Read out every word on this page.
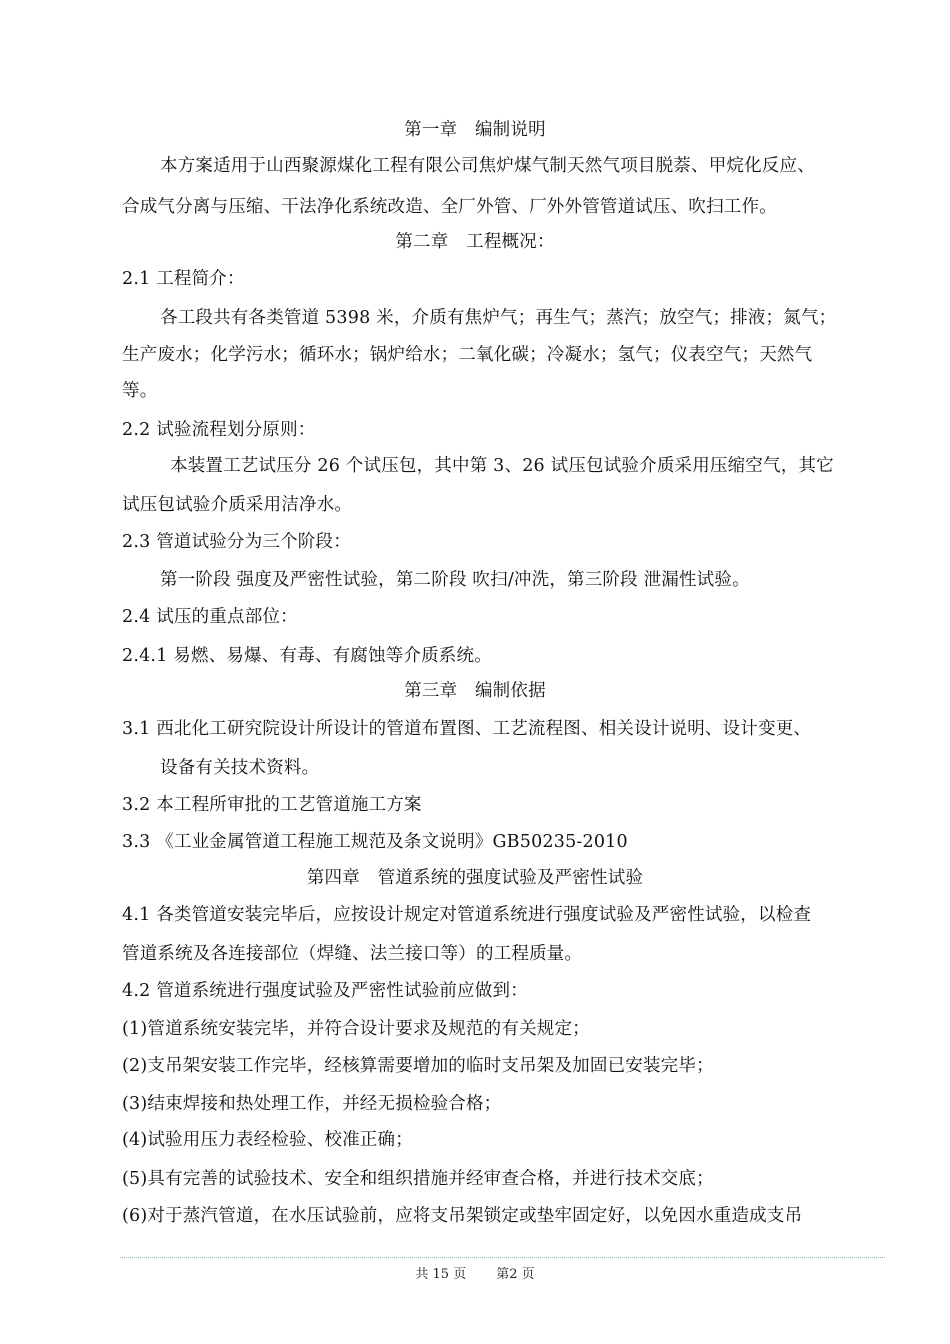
第一章　编制说明
本方案适用于山西聚源煤化工程有限公司焦炉煤气制天然气项目脱萘、甲烷化反应、
合成气分离与压缩、干法净化系统改造、全厂外管、厂外外管管道试压、吹扫工作。
第二章　工程概况：
2.1 工程简介：
各工段共有各类管道 5398 米，介质有焦炉气；再生气；蒸汽；放空气；排液；氮气；
生产废水；化学污水；循环水；锅炉给水；二氧化碳；冷凝水；氢气；仪表空气；天然气
等。
2.2 试验流程划分原则：
本装置工艺试压分 26 个试压包，其中第 3、26 试压包试验介质采用压缩空气，其它
试压包试验介质采用洁净水。
2.3 管道试验分为三个阶段：
第一阶段 强度及严密性试验，第二阶段 吹扫/冲洗，第三阶段 泄漏性试验。
2.4 试压的重点部位：
2.4.1 易燃、易爆、有毒、有腐蚀等介质系统。
第三章　编制依据
3.1 西北化工研究院设计所设计的管道布置图、工艺流程图、相关设计说明、设计变更、
设备有关技术资料。
3.2 本工程所审批的工艺管道施工方案
3.3 《工业金属管道工程施工规范及条文说明》GB50235-2010
第四章　管道系统的强度试验及严密性试验
4.1 各类管道安装完毕后，应按设计规定对管道系统进行强度试验及严密性试验，以检查
管道系统及各连接部位（焊缝、法兰接口等）的工程质量。
4.2 管道系统进行强度试验及严密性试验前应做到：
(1)管道系统安装完毕，并符合设计要求及规范的有关规定；
(2)支吊架安装工作完毕，经核算需要增加的临时支吊架及加固已安装完毕；
(3)结束焊接和热处理工作，并经无损检验合格；
(4)试验用压力表经检验、校准正确；
(5)具有完善的试验技术、安全和组织措施并经审查合格，并进行技术交底；
(6)对于蒸汽管道，在水压试验前，应将支吊架锁定或垫牢固定好，以免因水重造成支吊
共 15 页 第2 页
